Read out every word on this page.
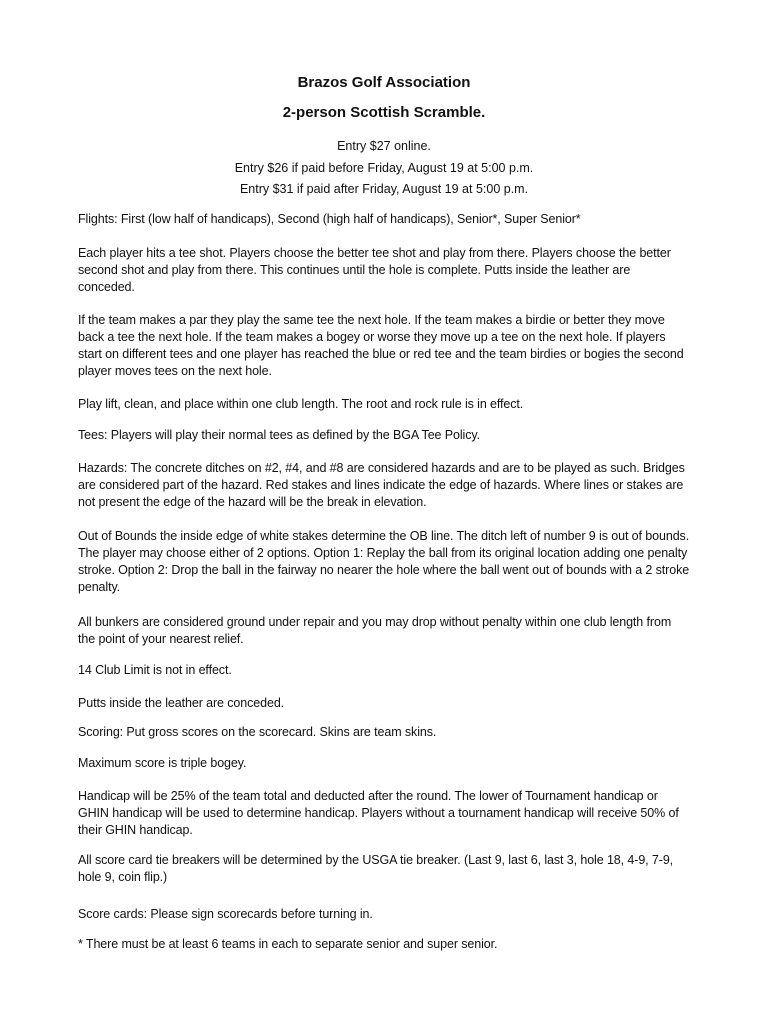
Brazos Golf Association
2-person Scottish Scramble.

Entry $27 online.

Entry $26 if paid before Friday, August 19 at 5:00 p.m.

Entry $31 if paid after Friday, August 19 at 5:00 p.m.

Flights: First (low half of handicaps), Second (high half of handicaps), Senior*, Super Senior*

Each player hits a tee shot. Players choose the better tee shot and play from there. Players choose the better second shot and play from there. This continues until the hole is complete. Putts inside the leather are conceded.

If the team makes a par they play the same tee the next hole. If the team makes a birdie or better they move back a tee the next hole. If the team makes a bogey or worse they move up a tee on the next hole. If players start on different tees and one player has reached the blue or red tee and the team birdies or bogies the second player moves tees on the next hole.

Play lift, clean, and place within one club length. The root and rock rule is in effect.

Tees: Players will play their normal tees as defined by the BGA Tee Policy.

Hazards: The concrete ditches on #2, #4, and #8 are considered hazards and are to be played as such. Bridges are considered part of the hazard. Red stakes and lines indicate the edge of hazards. Where lines or stakes are not present the edge of the hazard will be the break in elevation.

Out of Bounds the inside edge of white stakes determine the OB line. The ditch left of number 9 is out of bounds. The player may choose either of 2 options. Option 1: Replay the ball from its original location adding one penalty stroke. Option 2: Drop the ball in the fairway no nearer the hole where the ball went out of bounds with a 2 stroke penalty.

All bunkers are considered ground under repair and you may drop without penalty within one club length from the point of your nearest relief.

14 Club Limit is not in effect.

Putts inside the leather are conceded.

Scoring: Put gross scores on the scorecard. Skins are team skins.

Maximum score is triple bogey.

Handicap will be 25% of the team total and deducted after the round. The lower of Tournament handicap or GHIN handicap will be used to determine handicap. Players without a tournament handicap will receive 50% of their GHIN handicap.

All score card tie breakers will be determined by the USGA tie breaker. (Last 9, last 6, last 3, hole 18, 4-9, 7-9, hole 9, coin flip.)

Score cards: Please sign scorecards before turning in.

* There must be at least 6 teams in each to separate senior and super senior.
